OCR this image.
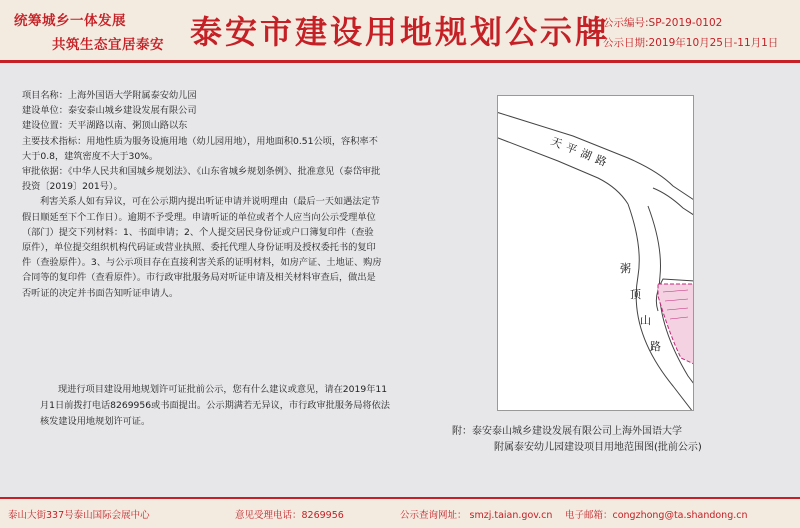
统筹城乡一体发展
共筑生态宜居泰安 泰安市建设用地规划公示牌
公示编号:SP-2019-0102
公示日期:2019年10月25日-11月1日

项目名称：上海外国语大学附属泰安幼儿园

建设单位：泰安泰山城乡建设发展有限公司

建设位置：天平湖路以南、粥顶山路以东

主要技术指标：用地性质为服务设施用地（幼儿园用地），用地面积0.51公顷，容积率不大于0.8，建筑密度不大于30%。

审批依据：《中华人民共和国城乡规划法》、《山东省城乡规划条例》、批准意见（泰岱审批投资〔2019〕201号）。

利害关系人如有异议，可在公示期内提出听证申请并说明理由（最后一天如遇法定节假日顺延至下个工作日）。逾期不予受理。申请听证的单位或者个人应当向公示受理单位（部门）提交下列材料：1、书面申请；2、个人提交居民身份证或户口簿复印件（查验原件），单位提交组织机构代码证或营业执照、委托代理人身份证明及授权委托书的复印件（查验原件）。3、与公示项目存在直接利害关系的证明材料，如房产证、土地证、购房合同等的复印件（查看原件）。市行政审批服务局对听证申请及相关材料审查后，做出是否听证的决定并书面告知听证申请人。

现进行项目建设用地规划许可证批前公示，您有什么建议或意见，请在2019年11月1日前拨打电话8269956或书面提出。公示期满若无异议，市行政审批服务局将依法核发建设用地规划许可证。
天平湖路
粥顶山路
附：泰安泰山城乡建设发展有限公司上海外国语大学
附属泰安幼儿园建设项目用地范围图(批前公示)
泰山大街337号泰山国际会展中心	意见受理电话：8269956	公示查询网址： smzj.taian.gov.cn 电子邮箱：congzhong@ta.shandong.cn
